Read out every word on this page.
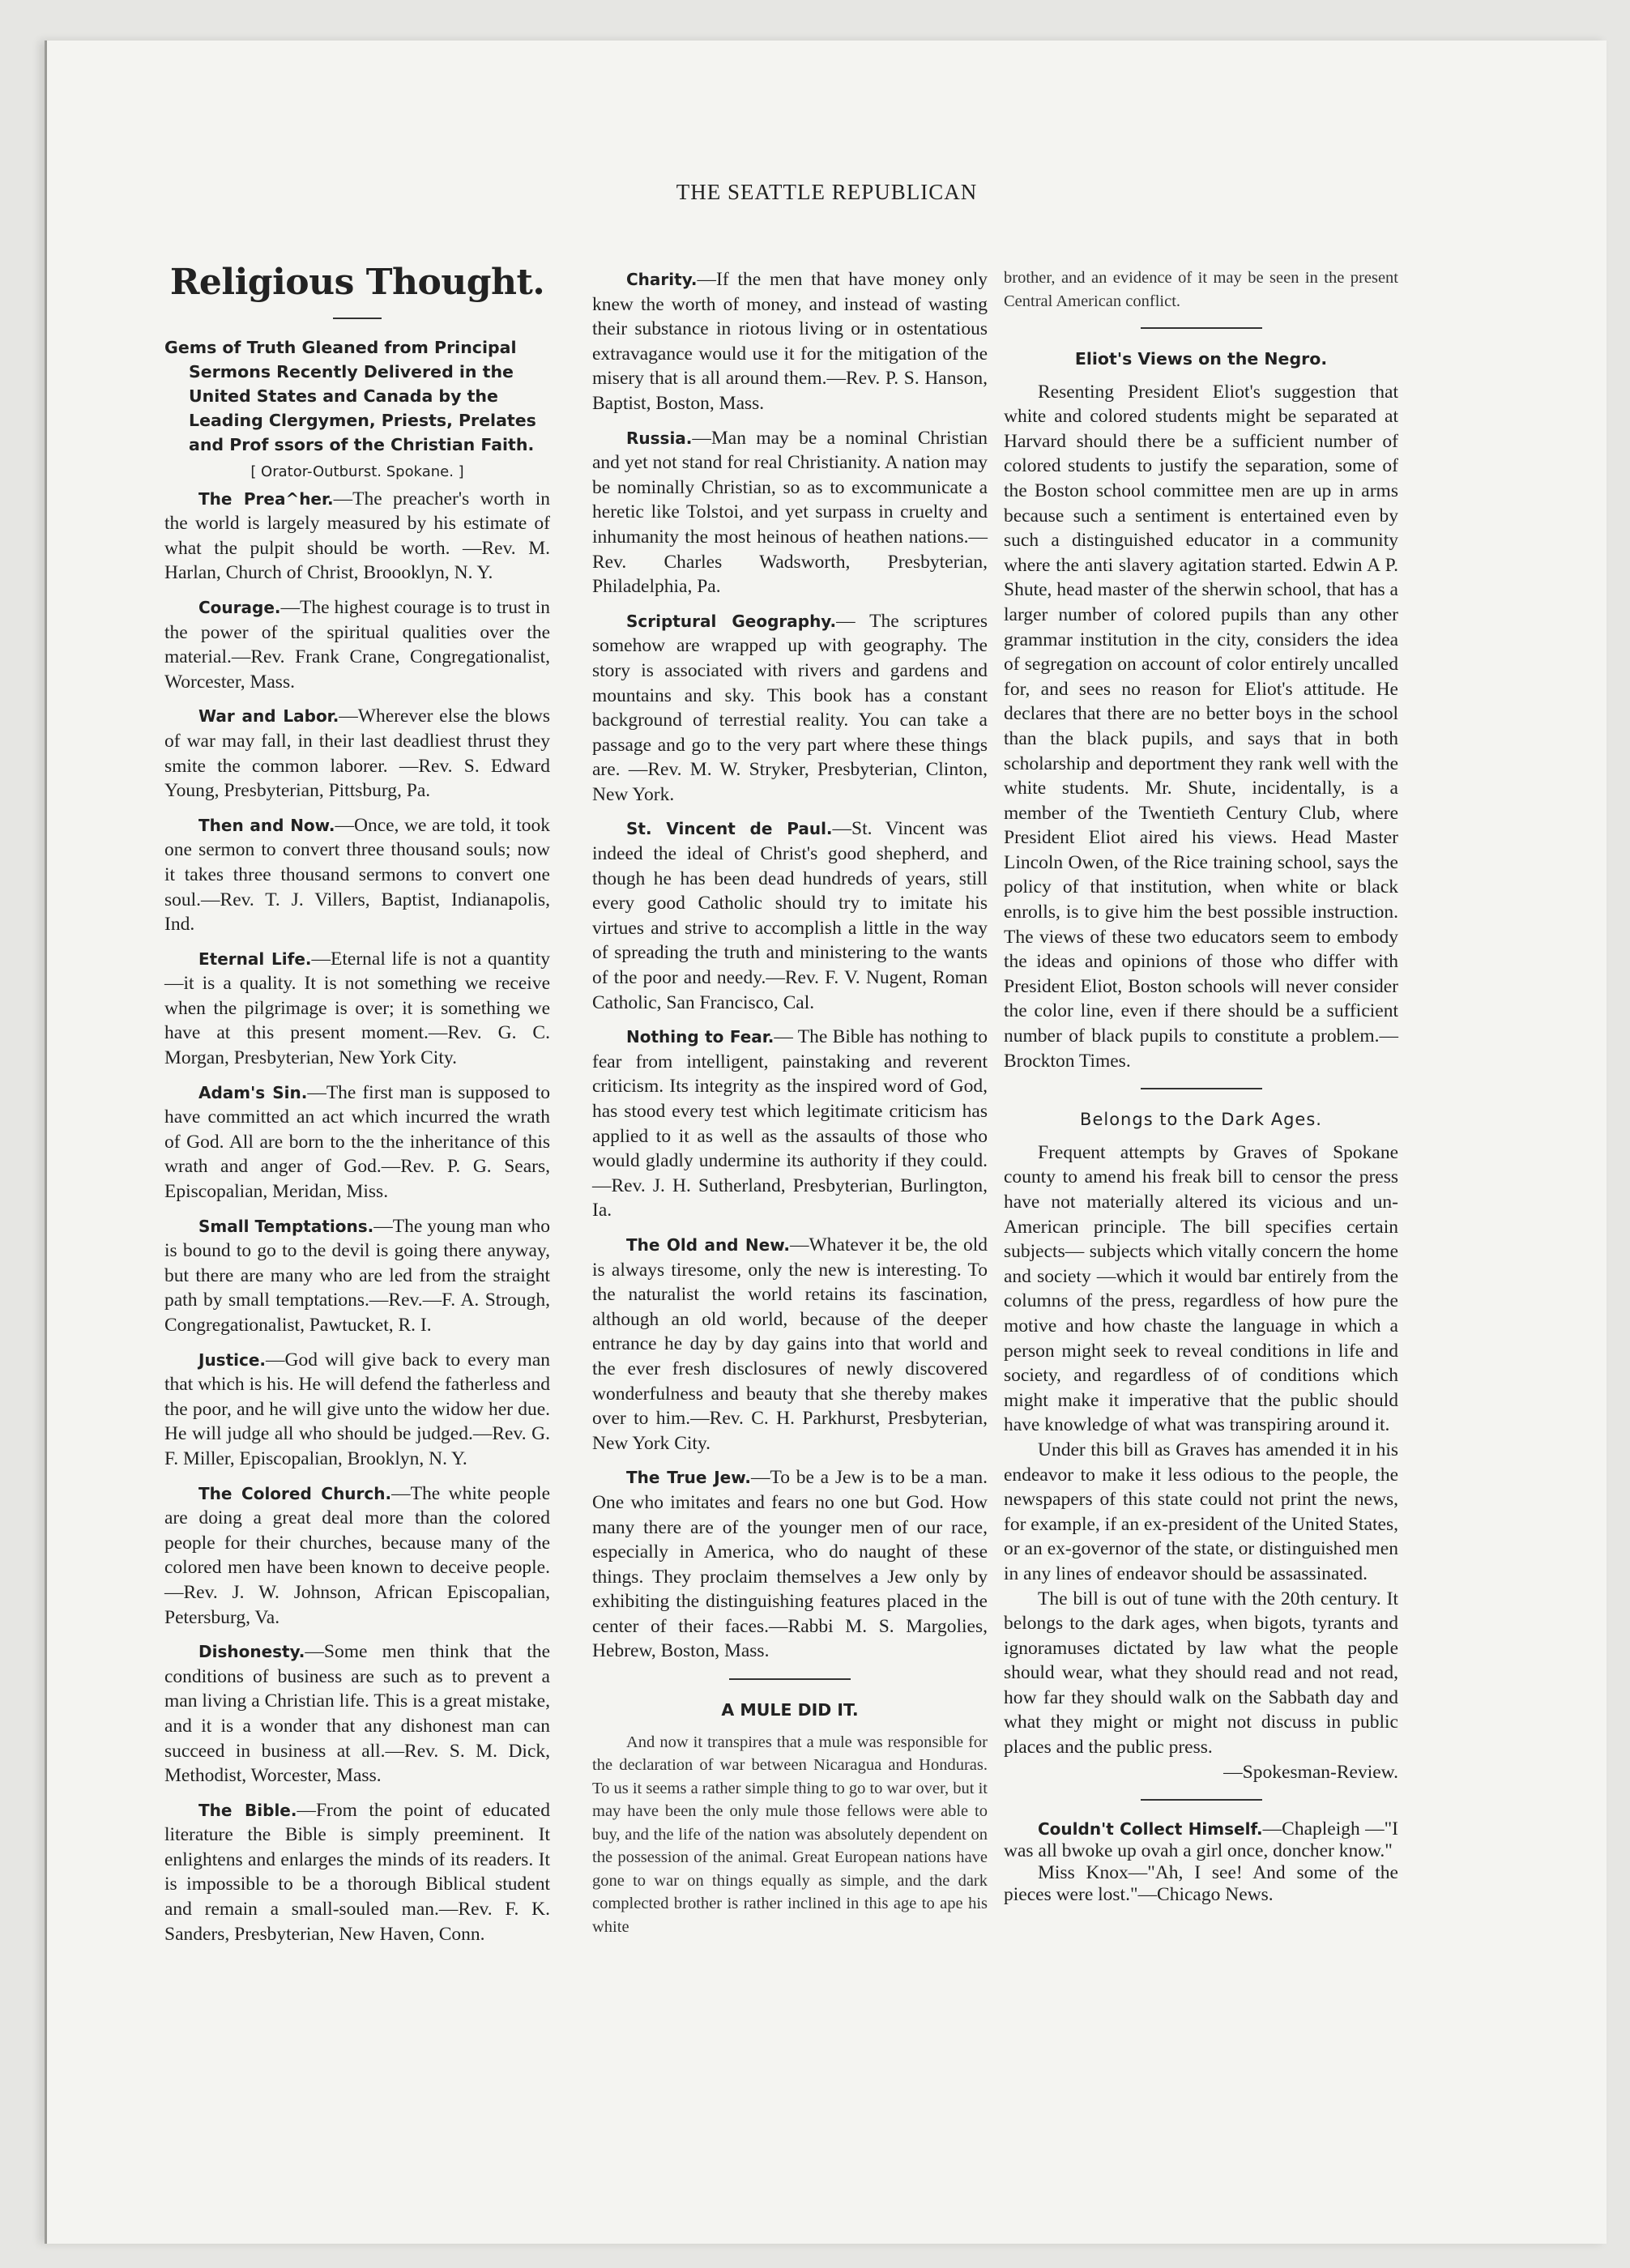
THE SEATTLE REPUBLICAN
Religious Thought.
Gems of Truth Gleaned from Principal
Sermons Recently Delivered in the United States and Canada by the Leading Clergymen, Priests, Prelates and Prof ssors of the Christian Faith.
[ Orator-Outburst. Spokane. ]

The Prea^her.—The preacher's worth in the world is largely measured by his estimate of what the pulpit should be worth. —Rev. M. Harlan, Church of Christ, Broooklyn, N. Y.

Courage.—The highest courage is to trust in the power of the spiritual qualities over the material.—Rev. Frank Crane, Congregationalist, Worcester, Mass.

War and Labor.—Wherever else the blows of war may fall, in their last deadliest thrust they smite the common laborer. —Rev. S. Edward Young, Presbyterian, Pittsburg, Pa.

Then and Now.—Once, we are told, it took one sermon to convert three thousand souls; now it takes three thousand sermons to convert one soul.—Rev. T. J. Villers, Baptist, Indianapolis, Ind.

Eternal Life.—Eternal life is not a quantity—it is a quality. It is not something we receive when the pilgrimage is over; it is something we have at this present moment.—Rev. G. C. Morgan, Presbyterian, New York City.

Adam's Sin.—The first man is supposed to have committed an act which incurred the wrath of God. All are born to the the inheritance of this wrath and anger of God.—Rev. P. G. Sears, Episcopalian, Meridan, Miss.

Small Temptations.—The young man who is bound to go to the devil is going there anyway, but there are many who are led from the straight path by small temptations.—Rev.—F. A. Strough, Congregationalist, Pawtucket, R. I.

Justice.—God will give back to every man that which is his. He will defend the fatherless and the poor, and he will give unto the widow her due. He will judge all who should be judged.—Rev. G. F. Miller, Episcopalian, Brooklyn, N. Y.

The Colored Church.—The white people are doing a great deal more than the colored people for their churches, because many of the colored men have been known to deceive people.—Rev. J. W. Johnson, African Episcopalian, Petersburg, Va.

Dishonesty.—Some men think that the conditions of business are such as to prevent a man living a Christian life. This is a great mistake, and it is a wonder that any dishonest man can succeed in business at all.—Rev. S. M. Dick, Methodist, Worcester, Mass.

The Bible.—From the point of educated literature the Bible is simply preeminent. It enlightens and enlarges the minds of its readers. It is impossible to be a thorough Biblical student and remain a small-souled man.—Rev. F. K. Sanders, Presbyterian, New Haven, Conn.

Charity.—If the men that have money only knew the worth of money, and instead of wasting their substance in riotous living or in ostentatious extravagance would use it for the mitigation of the misery that is all around them.—Rev. P. S. Hanson, Baptist, Boston, Mass.

Russia.—Man may be a nominal Christian and yet not stand for real Christianity. A nation may be nominally Christian, so as to excommunicate a heretic like Tolstoi, and yet surpass in cruelty and inhumanity the most heinous of heathen nations.—Rev. Charles Wadsworth, Presbyterian, Philadelphia, Pa.

Scriptural Geography.— The scriptures somehow are wrapped up with geography. The story is associated with rivers and gardens and mountains and sky. This book has a constant background of terrestial reality. You can take a passage and go to the very part where these things are. —Rev. M. W. Stryker, Presbyterian, Clinton, New York.

St. Vincent de Paul.—St. Vincent was indeed the ideal of Christ's good shepherd, and though he has been dead hundreds of years, still every good Catholic should try to imitate his virtues and strive to accomplish a little in the way of spreading the truth and ministering to the wants of the poor and needy.—Rev. F. V. Nugent, Roman Catholic, San Francisco, Cal.

Nothing to Fear.— The Bible has nothing to fear from intelligent, painstaking and reverent criticism. Its integrity as the inspired word of God, has stood every test which legitimate criticism has applied to it as well as the assaults of those who would gladly undermine its authority if they could.—Rev. J. H. Sutherland, Presbyterian, Burlington, Ia.

The Old and New.—Whatever it be, the old is always tiresome, only the new is interesting. To the naturalist the world retains its fascination, although an old world, because of the deeper entrance he day by day gains into that world and the ever fresh disclosures of newly discovered wonderfulness and beauty that she thereby makes over to him.—Rev. C. H. Parkhurst, Presbyterian, New York City.

The True Jew.—To be a Jew is to be a man. One who imitates and fears no one but God. How many there are of the younger men of our race, especially in America, who do naught of these things. They proclaim themselves a Jew only by exhibiting the distinguishing features placed in the center of their faces.—Rabbi M. S. Margolies, Hebrew, Boston, Mass.

A MULE DID IT.

And now it transpires that a mule was responsible for the declaration of war between Nicaragua and Honduras. To us it seems a rather simple thing to go to war over, but it may have been the only mule those fellows were able to buy, and the life of the nation was absolutely dependent on the possession of the animal. Great European nations have gone to war on things equally as simple, and the dark complected brother is rather inclined in this age to ape his white

brother, and an evidence of it may be seen in the present Central American conflict.

Eliot's Views on the Negro.

Resenting President Eliot's suggestion that white and colored students might be separated at Harvard should there be a sufficient number of colored students to justify the separation, some of the Boston school committee men are up in arms because such a sentiment is entertained even by such a distinguished educator in a community where the anti slavery agitation started. Edwin A P. Shute, head master of the sherwin school, that has a larger number of colored pupils than any other grammar institution in the city, considers the idea of segregation on account of color entirely uncalled for, and sees no reason for Eliot's attitude. He declares that there are no better boys in the school than the black pupils, and says that in both scholarship and deportment they rank well with the white students. Mr. Shute, incidentally, is a member of the Twentieth Century Club, where President Eliot aired his views. Head Master Lincoln Owen, of the Rice training school, says the policy of that institution, when white or black enrolls, is to give him the best possible instruction. The views of these two educators seem to embody the ideas and opinions of those who differ with President Eliot, Boston schools will never consider the color line, even if there should be a sufficient number of black pupils to constitute a problem.—Brockton Times.

Belongs to the Dark Ages.

Frequent attempts by Graves of Spokane county to amend his freak bill to censor the press have not materially altered its vicious and un-American principle. The bill specifies certain subjects— subjects which vitally concern the home and society —which it would bar entirely from the columns of the press, regardless of how pure the motive and how chaste the language in which a person might seek to reveal conditions in life and society, and regardless of of conditions which might make it imperative that the public should have knowledge of what was transpiring around it.

Under this bill as Graves has amended it in his endeavor to make it less odious to the people, the newspapers of this state could not print the news, for example, if an ex-president of the United States, or an ex-governor of the state, or distinguished men in any lines of endeavor should be assassinated.

The bill is out of tune with the 20th century. It belongs to the dark ages, when bigots, tyrants and ignoramuses dictated by law what the people should wear, what they should read and not read, how far they should walk on the Sabbath day and what they might or might not discuss in public places and the public press.

—Spokesman-Review.

Couldn't Collect Himself.—Chapleigh —"I was all bwoke up ovah a girl once, doncher know."

Miss Knox—"Ah, I see! And some of the pieces were lost."—Chicago News.
